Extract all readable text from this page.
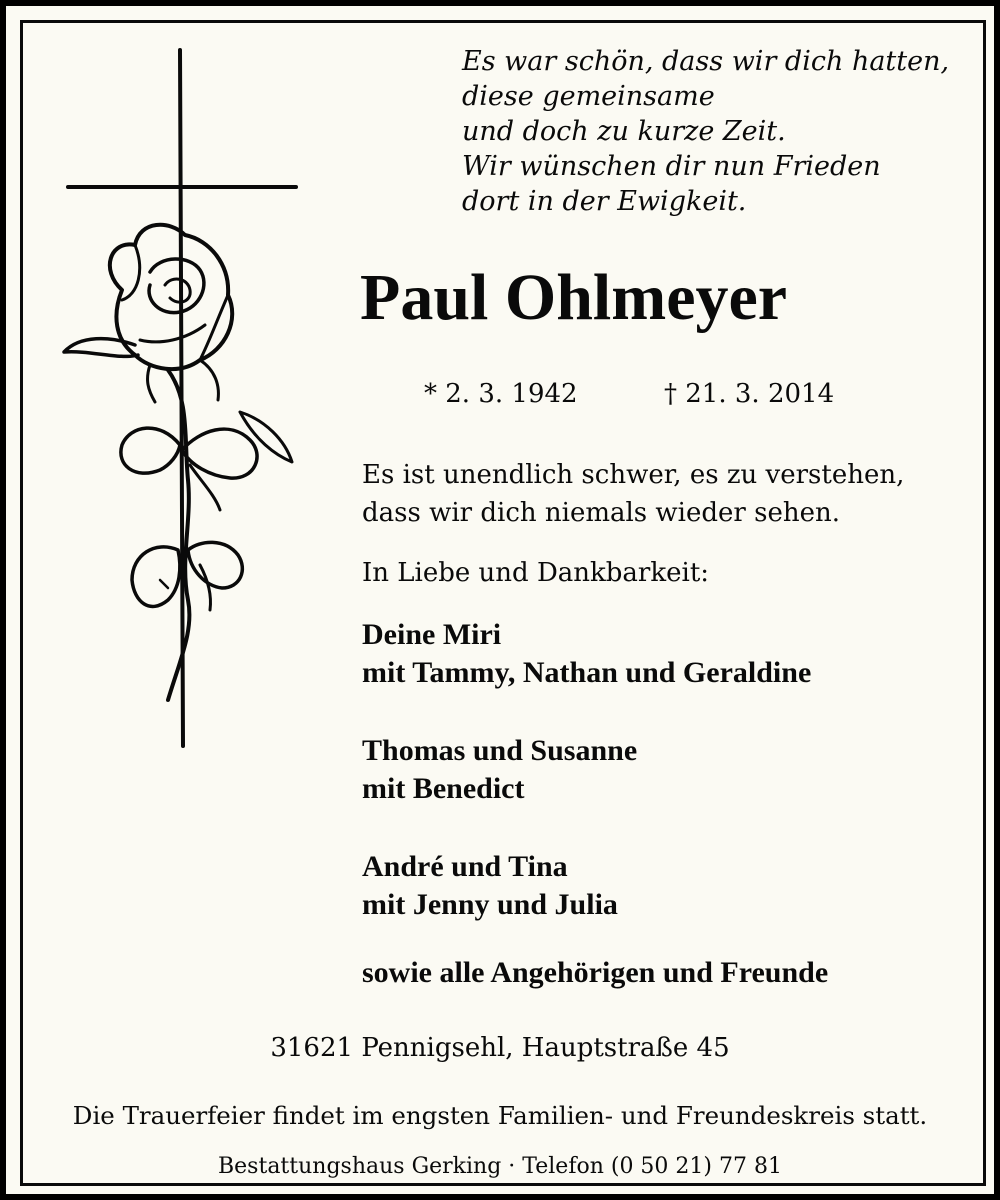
Es war schön, dass wir dich hatten,
diese gemeinsame
und doch zu kurze Zeit.
Wir wünschen dir nun Frieden
dort in der Ewigkeit.
Paul Ohlmeyer
* 2. 3. 1942	† 21. 3. 2014
Es ist unendlich schwer, es zu verstehen,
dass wir dich niemals wieder sehen.
In Liebe und Dankbarkeit:
Deine Miri
mit Tammy, Nathan und Geraldine
Thomas und Susanne
mit Benedict
André und Tina
mit Jenny und Julia
sowie alle Angehörigen und Freunde
31621 Pennigsehl, Hauptstraße 45
Die Trauerfeier findet im engsten Familien- und Freundeskreis statt.
Bestattungshaus Gerking · Telefon (0 50 21) 77 81
